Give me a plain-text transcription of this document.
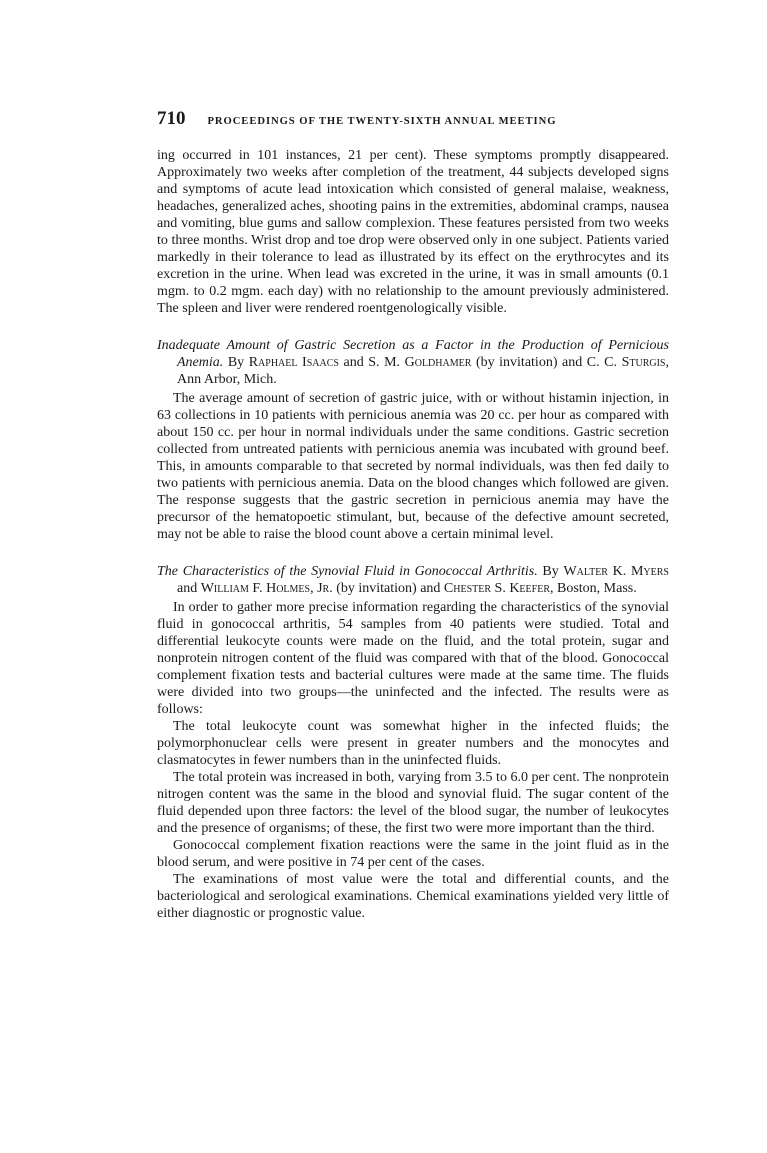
710 PROCEEDINGS OF THE TWENTY-SIXTH ANNUAL MEETING

ing occurred in 101 instances, 21 per cent). These symptoms promptly disappeared. Approximately two weeks after completion of the treatment, 44 subjects developed signs and symptoms of acute lead intoxication which consisted of general malaise, weakness, headaches, generalized aches, shooting pains in the extremities, abdominal cramps, nausea and vomiting, blue gums and sallow complexion. These features persisted from two weeks to three months. Wrist drop and toe drop were observed only in one subject. Patients varied markedly in their tolerance to lead as illustrated by its effect on the erythrocytes and its excretion in the urine. When lead was excreted in the urine, it was in small amounts (0.1 mgm. to 0.2 mgm. each day) with no relationship to the amount previously administered. The spleen and liver were rendered roentgenologically visible.

Inadequate Amount of Gastric Secretion as a Factor in the Production of Pernicious Anemia. By Raphael Isaacs and S. M. Goldhamer (by invitation) and C. C. Sturgis, Ann Arbor, Mich.

The average amount of secretion of gastric juice, with or without histamin injection, in 63 collections in 10 patients with pernicious anemia was 20 cc. per hour as compared with about 150 cc. per hour in normal individuals under the same conditions. Gastric secretion collected from untreated patients with pernicious anemia was incubated with ground beef. This, in amounts comparable to that secreted by normal individuals, was then fed daily to two patients with pernicious anemia. Data on the blood changes which followed are given. The response suggests that the gastric secretion in pernicious anemia may have the precursor of the hematopoetic stimulant, but, because of the defective amount secreted, may not be able to raise the blood count above a certain minimal level.

The Characteristics of the Synovial Fluid in Gonococcal Arthritis. By Walter K. Myers and William F. Holmes, Jr. (by invitation) and Chester S. Keefer, Boston, Mass.

In order to gather more precise information regarding the characteristics of the synovial fluid in gonococcal arthritis, 54 samples from 40 patients were studied. Total and differential leukocyte counts were made on the fluid, and the total protein, sugar and nonprotein nitrogen content of the fluid was compared with that of the blood. Gonococcal complement fixation tests and bacterial cultures were made at the same time. The fluids were divided into two groups—the uninfected and the infected. The results were as follows:

The total leukocyte count was somewhat higher in the infected fluids; the polymorphonuclear cells were present in greater numbers and the monocytes and clasmatocytes in fewer numbers than in the uninfected fluids.

The total protein was increased in both, varying from 3.5 to 6.0 per cent. The nonprotein nitrogen content was the same in the blood and synovial fluid. The sugar content of the fluid depended upon three factors: the level of the blood sugar, the number of leukocytes and the presence of organisms; of these, the first two were more important than the third.

Gonococcal complement fixation reactions were the same in the joint fluid as in the blood serum, and were positive in 74 per cent of the cases.

The examinations of most value were the total and differential counts, and the bacteriological and serological examinations. Chemical examinations yielded very little of either diagnostic or prognostic value.
